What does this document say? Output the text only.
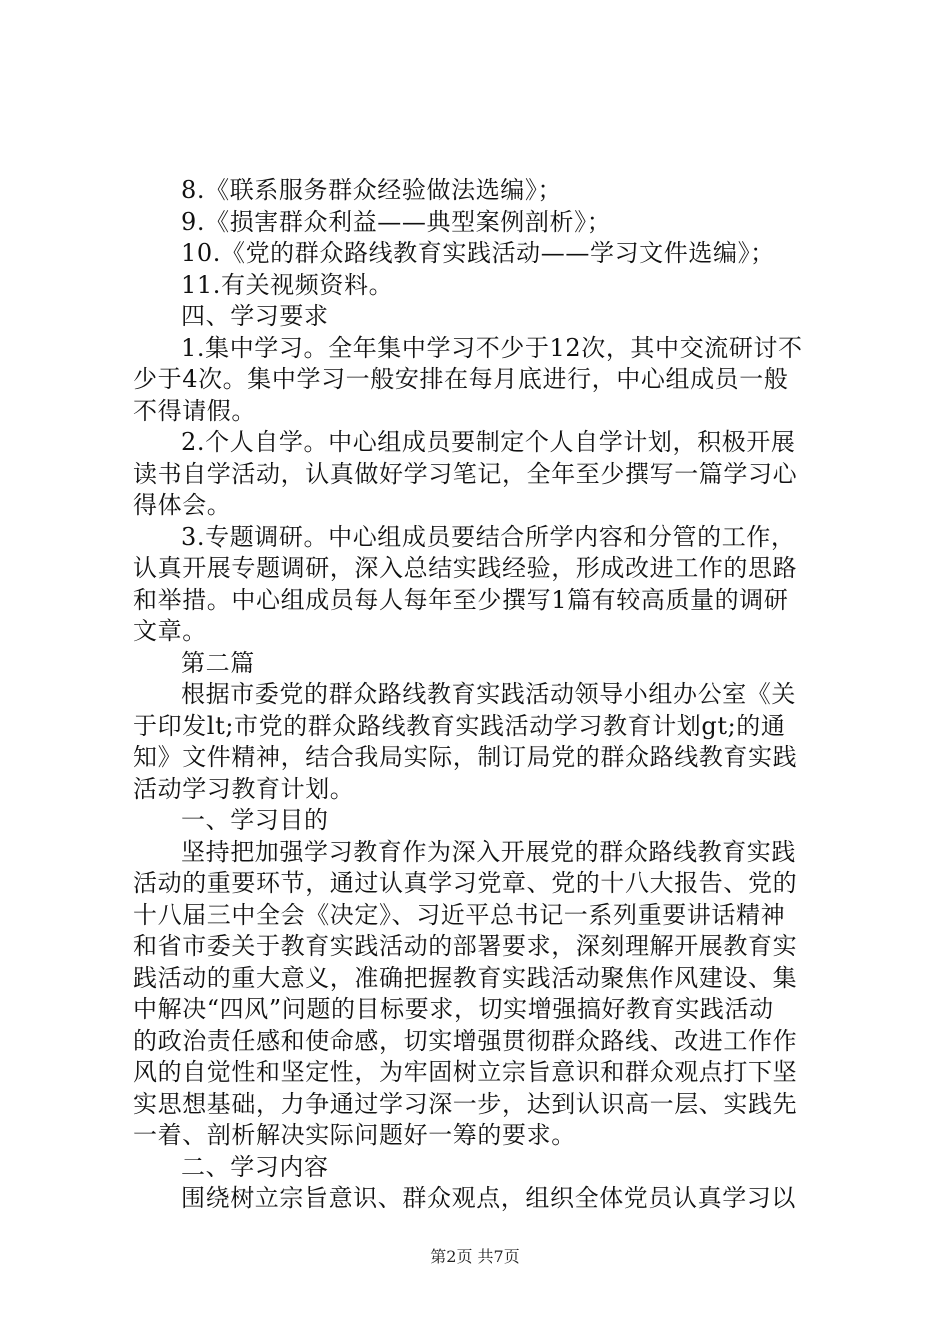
8.《联系服务群众经验做法选编》；
9.《损害群众利益——典型案例剖析》；
10.《党的群众路线教育实践活动——学习文件选编》；
11.有关视频资料。
四、学习要求
1.集中学习。全年集中学习不少于12次，其中交流研讨不
少于4次。集中学习一般安排在每月底进行，中心组成员一般
不得请假。
2.个人自学。中心组成员要制定个人自学计划，积极开展
读书自学活动，认真做好学习笔记，全年至少撰写一篇学习心
得体会。
3.专题调研。中心组成员要结合所学内容和分管的工作，
认真开展专题调研，深入总结实践经验，形成改进工作的思路
和举措。中心组成员每人每年至少撰写1篇有较高质量的调研
文章。
第二篇
根据市委党的群众路线教育实践活动领导小组办公室《关
于印发lt;市党的群众路线教育实践活动学习教育计划gt;的通
知》文件精神，结合我局实际，制订局党的群众路线教育实践
活动学习教育计划。
一、学习目的
坚持把加强学习教育作为深入开展党的群众路线教育实践
活动的重要环节，通过认真学习党章、党的十八大报告、党的
十八届三中全会《决定》、习近平总书记一系列重要讲话精神
和省市委关于教育实践活动的部署要求，深刻理解开展教育实
践活动的重大意义，准确把握教育实践活动聚焦作风建设、集
中解决“四风”问题的目标要求，切实增强搞好教育实践活动
的政治责任感和使命感，切实增强贯彻群众路线、改进工作作
风的自觉性和坚定性，为牢固树立宗旨意识和群众观点打下坚
实思想基础，力争通过学习深一步，达到认识高一层、实践先
一着、剖析解决实际问题好一筹的要求。
二、学习内容
围绕树立宗旨意识、群众观点，组织全体党员认真学习以
第2页 共7页
